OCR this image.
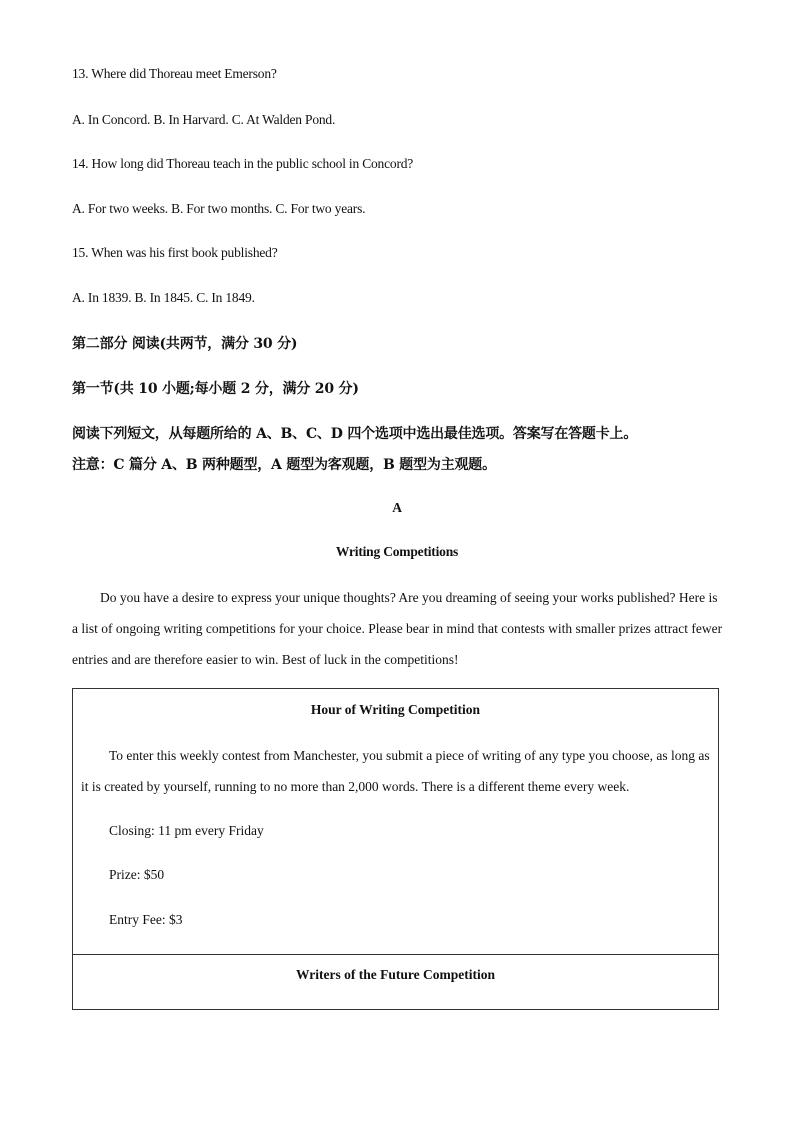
13. Where did Thoreau meet Emerson?
A. In Concord. B. In Harvard. C. At Walden Pond.
14. How long did Thoreau teach in the public school in Concord?
A. For two weeks. B. For two months. C. For two years.
15. When was his first book published?
A. In 1839. B. In 1845. C. In 1849.
第二部分 阅读(共两节，满分 30 分)
第一节(共 10 小题;每小题 2 分，满分 20 分)
阅读下列短文，从每题所给的 A、B、C、D 四个选项中选出最佳选项。答案写在答题卡上。
注意：C 篇分 A、B 两种题型，A 题型为客观题，B 题型为主观题。
A
Writing Competitions

Do you have a desire to express your unique thoughts? Are you dreaming of seeing your works published? Here is a list of ongoing writing competitions for your choice. Please bear in mind that contests with smaller prizes attract fewer entries and are therefore easier to win. Best of luck in the competitions!

Hour of Writing Competition

To enter this weekly contest from Manchester, you submit a piece of writing of any type you choose, as long as it is created by yourself, running to no more than 2,000 words. There is a different theme every week.

Closing: 11 pm every Friday
Prize: $50
Entry Fee: $3
Writers of the Future Competition
